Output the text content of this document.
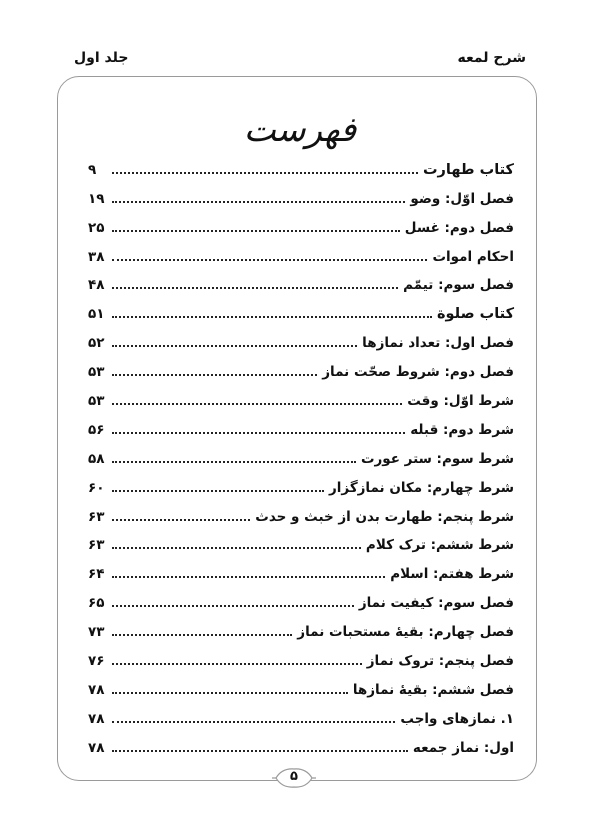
شرح لمعه
جلد اول
فهرست
کتاب طهارت
۹
فصل اوّل: وضو
۱۹
فصل دوم: غسل
۲۵
احکام اموات
۳۸
فصل سوم: تیمّم
۴۸
کتاب صلوة
۵۱
فصل اول: تعداد نمازها
۵۲
فصل دوم: شروط صحّت نماز
۵۳
شرط اوّل: وقت
۵۳
شرط دوم: قبله
۵۶
شرط سوم: ستر عورت
۵۸
شرط چهارم: مکان نمازگزار
۶۰
شرط پنجم: طهارت بدن از خبث و حدث
۶۳
شرط ششم: ترک کلام
۶۳
شرط هفتم: اسلام
۶۴
فصل سوم: کیفیت نماز
۶۵
فصل چهارم: بقیۀ مستحبات نماز
۷۳
فصل پنجم: تروک نماز
۷۶
فصل ششم: بقیۀ نمازها
۷۸
۱. نمازهای واجب
۷۸
اول: نماز جمعه
۷۸
۵
